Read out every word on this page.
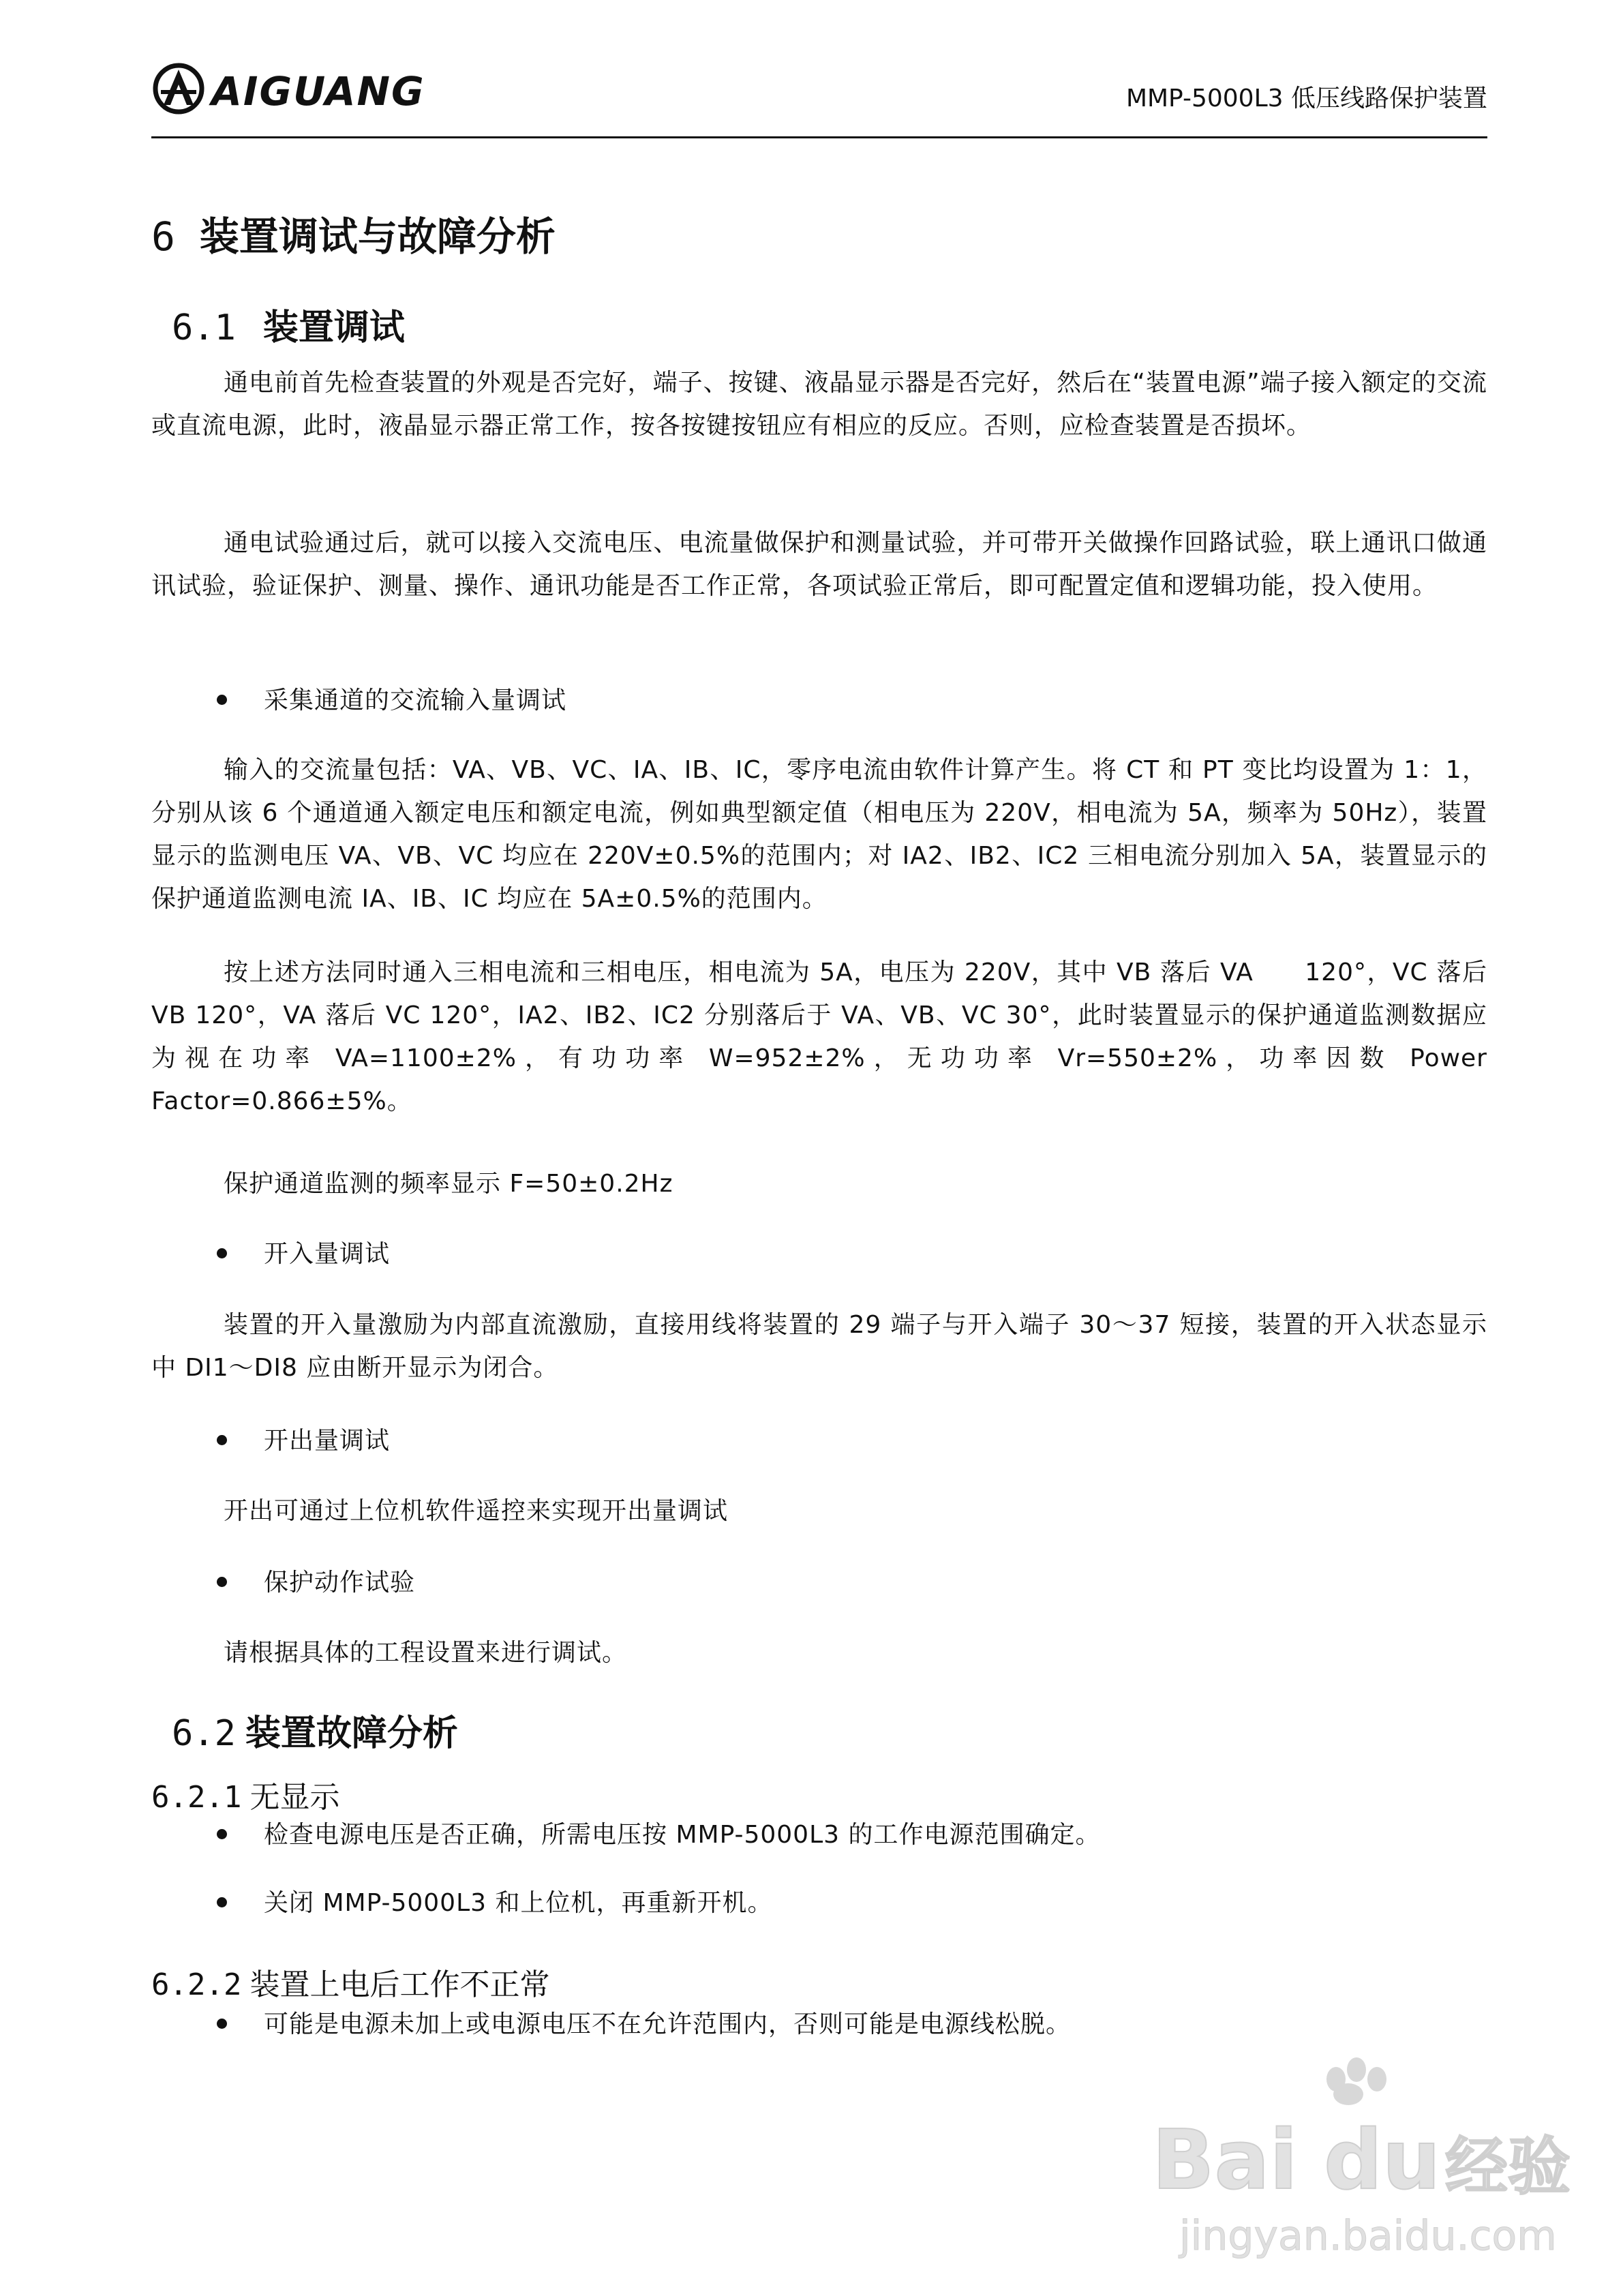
AIGUANG	MMP-5000L3 低压线路保护装置
6 装置调试与故障分析
6.1 装置调试
通电前首先检查装置的外观是否完好，端子、按键、液晶显示器是否完好，然后在“装置电源”端子接入额定的交流或直流电源，此时，液晶显示器正常工作，按各按键按钮应有相应的反应。否则，应检查装置是否损坏。
通电试验通过后，就可以接入交流电压、电流量做保护和测量试验，并可带开关做操作回路试验，联上通讯口做通讯试验，验证保护、测量、操作、通讯功能是否工作正常，各项试验正常后，即可配置定值和逻辑功能，投入使用。
采集通道的交流输入量调试
输入的交流量包括：VA、VB、VC、IA、IB、IC，零序电流由软件计算产生。将 CT 和 PT 变比均设置为 1：1，分别从该 6 个通道通入额定电压和额定电流，例如典型额定值（相电压为 220V，相电流为 5A，频率为 50Hz），装置显示的监测电压 VA、VB、VC 均应在 220V±0.5%的范围内；对 IA2、IB2、IC2 三相电流分别加入 5A，装置显示的保护通道监测电流 IA、IB、IC 均应在 5A±0.5%的范围内。
按上述方法同时通入三相电流和三相电压，相电流为 5A，电压为 220V，其中 VB 落后 VA　　120°，VC 落后 VB 120°，VA 落后 VC 120°，IA2、IB2、IC2 分别落后于 VA、VB、VC 30°，此时装置显示的保护通道监测数据应为视在功率 VA=1100±2%，有功功率 W=952±2%，无功功率 Vr=550±2%，功率因数 Power Factor=0.866±5%。
保护通道监测的频率显示 F=50±0.2Hz
开入量调试
装置的开入量激励为内部直流激励，直接用线将装置的 29 端子与开入端子 30～37 短接，装置的开入状态显示中 DI1～DI8 应由断开显示为闭合。
开出量调试
开出可通过上位机软件遥控来实现开出量调试
保护动作试验
请根据具体的工程设置来进行调试。
6.2 装置故障分析
6.2.1 无显示
检查电源电压是否正确，所需电压按 MMP-5000L3 的工作电源范围确定。
关闭 MMP-5000L3 和上位机，再重新开机。
6.2.2 装置上电后工作不正常
可能是电源未加上或电源电压不在允许范围内，否则可能是电源线松脱。
Bai du 经验
jingyan.baidu.com
